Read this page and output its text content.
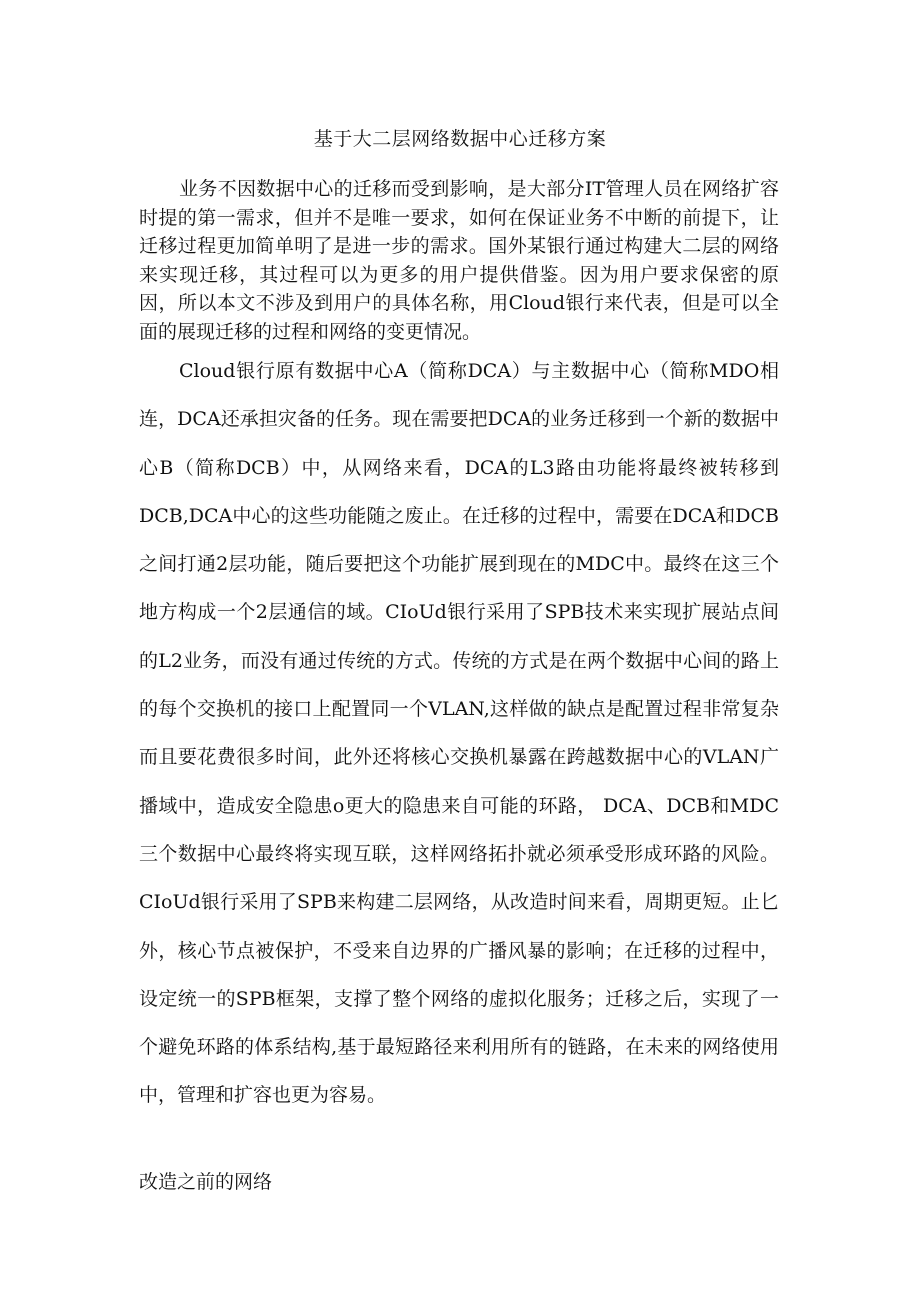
基于大二层网络数据中心迁移方案

业务不因数据中心的迁移而受到影响，是大部分IT管理人员在网络扩容时提的第一需求，但并不是唯一要求，如何在保证业务不中断的前提下，让迁移过程更加简单明了是进一步的需求。国外某银行通过构建大二层的网络来实现迁移，其过程可以为更多的用户提供借鉴。因为用户要求保密的原因，所以本文不涉及到用户的具体名称，用Cloud银行来代表，但是可以全面的展现迁移的过程和网络的变更情况。

Cloud银行原有数据中心A（简称DCA）与主数据中心（简称MDO相连，DCA还承担灾备的任务。现在需要把DCA的业务迁移到一个新的数据中心B（简称DCB）中，从网络来看，DCA的L3路由功能将最终被转移到DCB,DCA中心的这些功能随之废止。在迁移的过程中，需要在DCA和DCB之间打通2层功能，随后要把这个功能扩展到现在的MDC中。最终在这三个地方构成一个2层通信的域。CIoUd银行采用了SPB技术来实现扩展站点间的L2业务，而没有通过传统的方式。传统的方式是在两个数据中心间的路上的每个交换机的接口上配置同一个VLAN,这样做的缺点是配置过程非常复杂而且要花费很多时间，此外还将核心交换机暴露在跨越数据中心的VLAN广播域中，造成安全隐患o更大的隐患来自可能的环路， DCA、DCB和MDC三个数据中心最终将实现互联，这样网络拓扑就必须承受形成环路的风险。CIoUd银行采用了SPB来构建二层网络，从改造时间来看，周期更短。止匕外，核心节点被保护，不受来自边界的广播风暴的影响；在迁移的过程中，设定统一的SPB框架，支撑了整个网络的虚拟化服务；迁移之后，实现了一个避免环路的体系结构,基于最短路径来利用所有的链路，在未来的网络使用中，管理和扩容也更为容易。

改造之前的网络
